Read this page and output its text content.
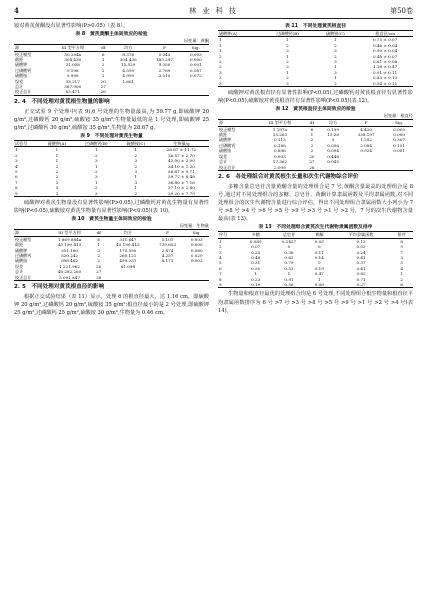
4	林 业 科 技	第50卷

铵对黄芪黄酮没有显著性影响(P>0.05)（表 8）。

表 8　黄芪黄酮主体间效应的检验
因变量：黄酮
源	III 型平方和	df	均方	F	Sig.
校正模型	50.254a	6	8.376	5.043	0.003
截距	304.430	1	304.430	183.297	0.000
硫酸钾	31.058	2	15.529	9.350	0.001
过磷酸钙	9.198	2	4.599	2.769	0.087
硫酸铵	9.998	2	4.999	3.010	0.072
误差	33.217	20	1.661		
总计	387.900	27			
校正总计	83.471	26			
2. 4　不同处理对黄芪根生物量的影响

正交试验 9 个处理中(表 9),6 号处理的生物量最高,为 59.77 g,即硫酸钾 20 g/m²,过磷酸钙 20 g/m²,硫酸铵 35 g/m²;生物量最低的是 1 号处理,即硫酸钾 25 g/m²,过磷酸钙 30 g/m²,硫酸铵 35 g/m²,生物量为 28.67 g。

表 9　不同处理对黄芪生物量
试验号	硫酸钾(A)	过磷酸钙(B)	硫酸铵(C)	生物量/g
1	1	1	1	28.67 ± 11.72
2	1	2	2	36.57 ± 2.70
3	1	3	3	42.00 ± 3.00
4	2	1	2	34.10 ± 1.20
5	2	2	3	56.67 ± 9.71
6	2	3	1	59.77 ± 8.48
7	3	1	3	36.80 ± 7.16
8	3	2	1	37.10 ± 2.80
9	3	3	2	39.20 ± 7.79

硫酸钾对黄芪生物量没有显著性影响(P>0.05),过磷酸钙对黄芪生物量有显著性影响(P<0.05),硫酸铵对黄芪生物量有显著性影响(P<0.05)(表 10)。

表 10　黄芪生物量主体间效应的检验
因变量：生物量
源	III 型平方和	df	均方	F	Sig.
校正模型	1 869.884a	6	311.647	5.101	0.003
截距	45 190.413	1	45 190.413	739.653	0.000
硫酸钾	351.180	2	175.590	2.874	0.080
过磷酸钙	520.242	2	260.121	4.257	0.029
硫酸铵	998.462	2	499.231	8.171	0.003
误差	1 221.962	20	61.098		
总计	48 282.260	27			
校正总计	3 091.847	26			
2. 5　不同处理对黄芪根直径的影响

根据正交试验结果（表 11）显示，处理 6 的根直径最大，达 1.16 cm，即硫酸钾 20 g/m²,过磷酸钙 20 g/m²,硫酸铵 35 g/m²;根直径最小的是 2 号处理,即硫酸钾 25 g/m²,过磷酸钙 25 g/m²,硫酸铵 30 g/m²,生物量为 0.46 cm。

表 11　不同处理黄芪根直径
硫酸钾(A)	过磷酸钙(B)	硫酸铵(C)	根直径/cm
1	1	1	0.75 ± 0.07
1	2	2	0.46 ± 0.04
1	3	3	0.90 ± 0.04
2	1	2	0.48 ± 0.07
2	2	3	0.61 ± 0.08
2	3	1	1.16 ± 0.47
3	1	3	0.91 ± 0.11
3	2	1	0.83 ± 0.13
3	3	2	0.54 ± 0.11

硫酸钾对黄芪根直径有显著性影响(P<0.05),过磷酸钙对黄芪根直径有显著性影响(P<0.05),硫酸铵对黄芪根直径有显著性影响(P<0.05)(表 12)。

表 12　黄芪根直径主体间效应的检验
因变量：根直径
源	III 型平方和	df	均方	F	Sig.
校正模型	1.197a	6	0.199	4.420	0.005
截距	15.263	1	15.26	338.197	0.000
硫酸钾	0.113	2	5	1.252	0.307
过磷酸钙	0.188	2	0.056	2.084	0.151
硫酸铵	0.896	2	0.094	9.924	0.001
误差	0.903	20	0.448		
总计	17.362	27	0.045		
校正总计	2.099	26			
2. 6　各处理组合对黄芪根生长量和次生代谢物综合评价

多糖含量总皂苷含量黄酮含量的处理组合是 7 号,黄酮含量最高的处理组合是 8 号,通过对不同处理组合的多糖、总皂苷、黄酮计算隶属函数及平均隶属函数,对不同处理组合的次生代谢物含量进行综合评估，得出不同处理组合隶属函数大小列小为 7 号 >8 号 >4 号 >6 号 >5 号 >9 号 >3 号 >1 号 >2 号，7 号的次生代谢物含量最高(表 13)。

表 13　不同处理组合黄芪次生代谢物隶属函数及排序
序号	多糖	总皂苷	黄酮	平均隶属函数	排序
1	0.089	0.2427	0.05	0.13	8
2	0.07	0	0	0.02	9
3	0.25	0.36	0.11	0.24	7
4	0.48	0.62	0.14	0.41	3
5	0.31	0.79	0	0.37	5
6	0.50	0.53	0.19	0.41	4
7	1	1	0.47	0.82	1
8	0.23	0.91	1	0.71	2
9	0.19	0.56	0.06	0.27	6

生物量和根直径最优的处理组合均是 6 号处理,不同处理组合根生物量和根直径平均隶属函数排序为 6 号 >7 号 >3 号 >8 号 >5 号 >9 号 >1 号 >2 号 >4 号(表 14)。
